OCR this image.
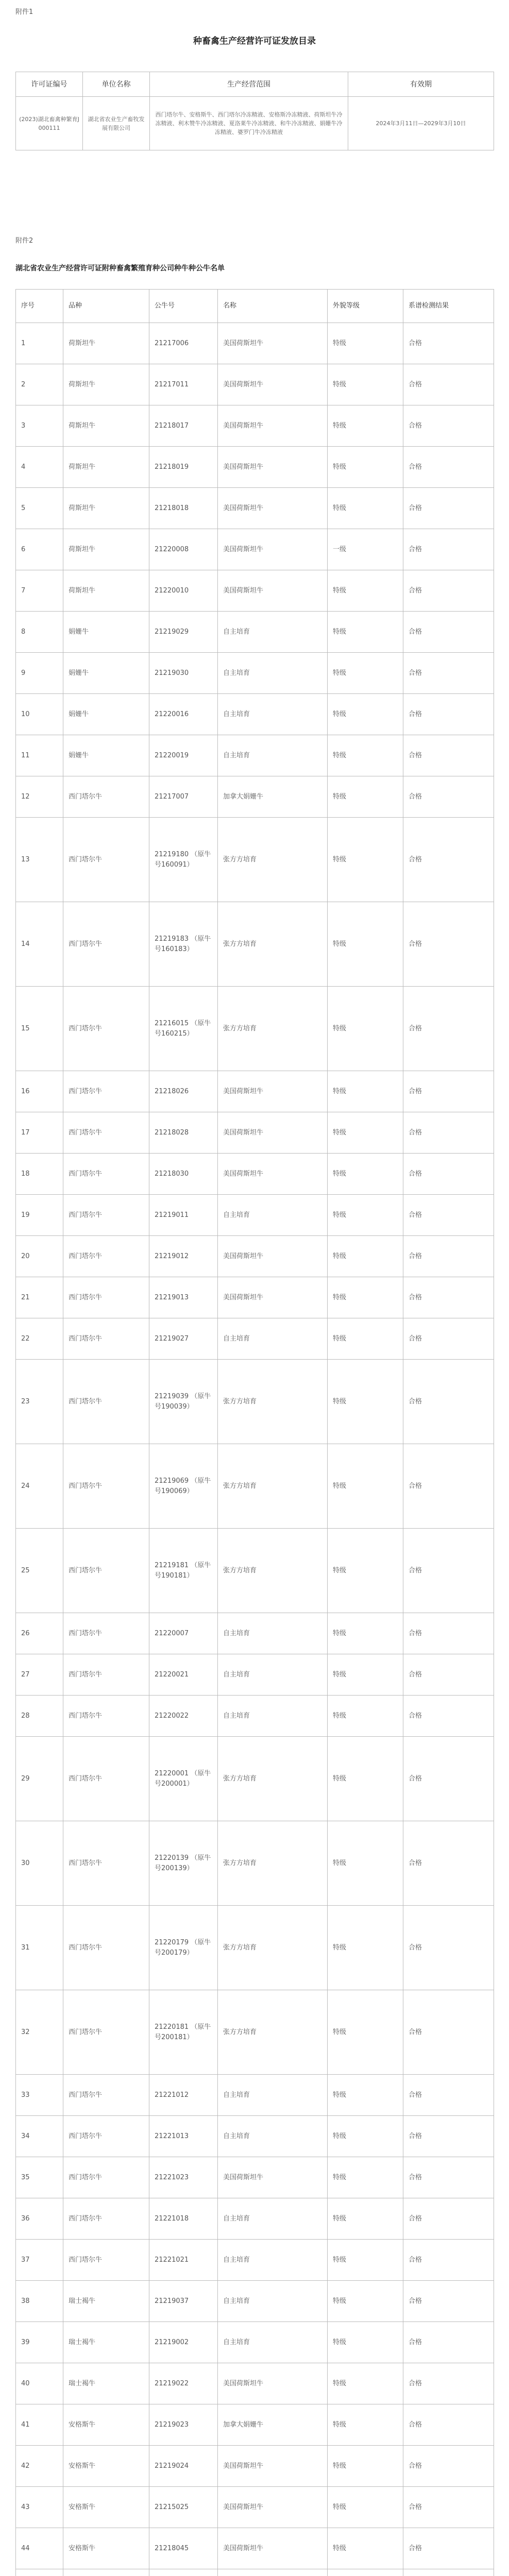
附件1
种畜禽生产经营许可证发放目录
许可证编号	单位名称	生产经营范围	有效期
(2023)湖北畜禽种繁育J000111	湖北省农业生产畜牧发展有限公司	西门塔尔牛、安格斯牛、西门塔尔冷冻精液、安格斯冷冻精液、荷斯坦牛冷冻精液、利木赞牛冷冻精液、夏洛莱牛冷冻精液、和牛冷冻精液、娟姗牛冷冻精液、婆罗门牛冷冻精液	2024年3月11日—2029年3月10日
附件2
湖北省农业生产经营许可证附种畜禽繁殖育种公司种牛种公牛名单
序号	品种	公牛号	名称	外貌等级	系谱检测结果
1	荷斯坦牛	21217006	美国荷斯坦牛	特级	合格
2	荷斯坦牛	21217011	美国荷斯坦牛	特级	合格
3	荷斯坦牛	21218017	美国荷斯坦牛	特级	合格
4	荷斯坦牛	21218019	美国荷斯坦牛	特级	合格
5	荷斯坦牛	21218018	美国荷斯坦牛	特级	合格
6	荷斯坦牛	21220008	美国荷斯坦牛	一级	合格
7	荷斯坦牛	21220010	美国荷斯坦牛	特级	合格
8	娟姗牛	21219029	自主培育	特级	合格
9	娟姗牛	21219030	自主培育	特级	合格
10	娟姗牛	21220016	自主培育	特级	合格
11	娟姗牛	21220019	自主培育	特级	合格
12	西门塔尔牛	21217007	加拿大娟姗牛	特级	合格
13	西门塔尔牛	21219180 （原牛号160091）	张方方培育	特级	合格
14	西门塔尔牛	21219183 （原牛号160183）	张方方培育	特级	合格
15	西门塔尔牛	21216015 （原牛号160215）	张方方培育	特级	合格
16	西门塔尔牛	21218026	美国荷斯坦牛	特级	合格
17	西门塔尔牛	21218028	美国荷斯坦牛	特级	合格
18	西门塔尔牛	21218030	美国荷斯坦牛	特级	合格
19	西门塔尔牛	21219011	自主培育	特级	合格
20	西门塔尔牛	21219012	美国荷斯坦牛	特级	合格
21	西门塔尔牛	21219013	美国荷斯坦牛	特级	合格
22	西门塔尔牛	21219027	自主培育	特级	合格
23	西门塔尔牛	21219039 （原牛号190039）	张方方培育	特级	合格
24	西门塔尔牛	21219069 （原牛号190069）	张方方培育	特级	合格
25	西门塔尔牛	21219181 （原牛号190181）	张方方培育	特级	合格
26	西门塔尔牛	21220007	自主培育	特级	合格
27	西门塔尔牛	21220021	自主培育	特级	合格
28	西门塔尔牛	21220022	自主培育	特级	合格
29	西门塔尔牛	21220001 （原牛号200001）	张方方培育	特级	合格
30	西门塔尔牛	21220139 （原牛号200139）	张方方培育	特级	合格
31	西门塔尔牛	21220179 （原牛号200179）	张方方培育	特级	合格
32	西门塔尔牛	21220181 （原牛号200181）	张方方培育	特级	合格
33	西门塔尔牛	21221012	自主培育	特级	合格
34	西门塔尔牛	21221013	自主培育	特级	合格
35	西门塔尔牛	21221023	美国荷斯坦牛	特级	合格
36	西门塔尔牛	21221018	自主培育	特级	合格
37	西门塔尔牛	21221021	自主培育	特级	合格
38	瑞士褐牛	21219037	自主培育	特级	合格
39	瑞士褐牛	21219002	自主培育	特级	合格
40	瑞士褐牛	21219022	美国荷斯坦牛	特级	合格
41	安格斯牛	21219023	加拿大娟姗牛	特级	合格
42	安格斯牛	21219024	美国荷斯坦牛	特级	合格
43	安格斯牛	21215025	美国荷斯坦牛	特级	合格
44	安格斯牛	21218045	美国荷斯坦牛	特级	合格
